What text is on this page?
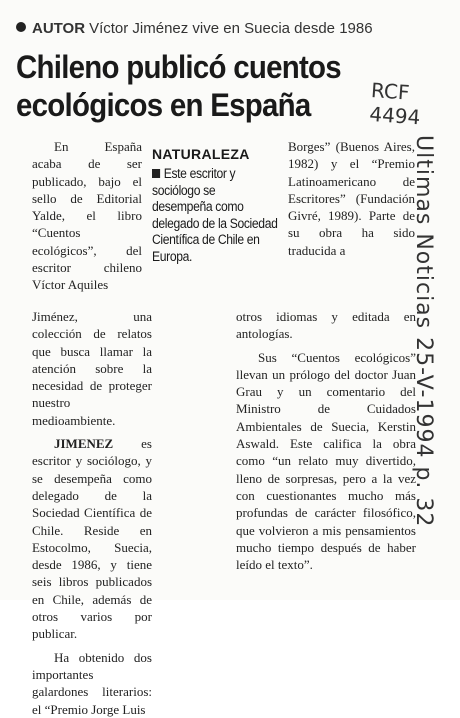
AUTOR Víctor Jiménez vive en Suecia desde 1986
Chileno publicó cuentos ecológicos en España	RCF
4494

En España acaba de ser publicado, bajo el sello de Editorial Yalde, el libro “Cuentos ecológicos”, del escritor chileno Víctor Aquiles

NATURALEZA
Este escritor y sociólogo se desempeña como delegado de la Sociedad Científica de Chile en Europa.

Borges” (Buenos Aires, 1982) y el “Premio Latinoamericano de Escritores” (Fundación Givré, 1989). Parte de su obra ha sido traducida a

Jiménez, una colección de relatos que busca llamar la atención sobre la necesidad de proteger nuestro medioambiente.

JIMENEZ es escritor y sociólogo, y se desempeña como delegado de la Sociedad Científica de Chile. Reside en Estocolmo, Suecia, desde 1986, y tiene seis libros publicados en Chile, además de otros varios por publicar.

Ha obtenido dos importantes galardones literarios: el “Premio Jorge Luis

otros idiomas y editada en antologías.

Sus “Cuentos ecológicos” llevan un prólogo del doctor Juan Grau y un comentario del Ministro de Cuidados Ambientales de Suecia, Kerstin Aswald. Este califica la obra como “un relato muy divertido, lleno de sorpresas, pero a la vez con cuestionantes mucho más profundas de carácter filosófico, que volvieron a mis pensamientos mucho tiempo después de haber leído el texto”.

Ultimas Noticias 25-V-1994 p. 32
